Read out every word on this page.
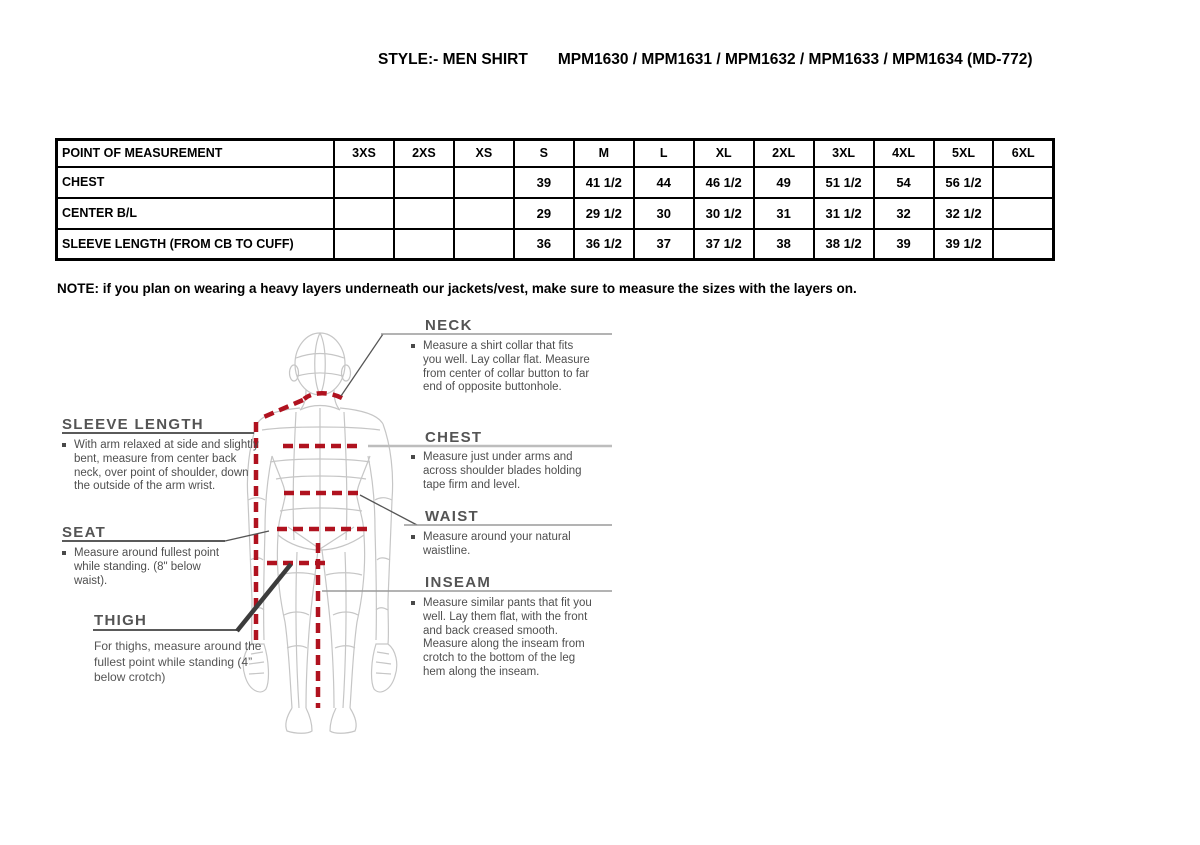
STYLE:- MEN SHIRT MPM1630 / MPM1631 / MPM1632 / MPM1633 / MPM1634 (MD-772)
POINT OF MEASUREMENT	3XS	2XS	XS	S	M	L	XL	2XL	3XL	4XL	5XL	6XL
CHEST				39	41 1/2	44	46 1/2	49	51 1/2	54	56 1/2	
CENTER B/L				29	29 1/2	30	30 1/2	31	31 1/2	32	32 1/2	
SLEEVE LENGTH (FROM CB TO CUFF)				36	36 1/2	37	37 1/2	38	38 1/2	39	39 1/2	
NOTE: if you plan on wearing a heavy layers underneath our jackets/vest, make sure to measure the sizes with the layers on.
NECK
Measure a shirt collar that fits you well. Lay collar flat. Measure from center of collar button to far end of opposite buttonhole.
CHEST
Measure just under arms and across shoulder blades holding tape firm and level.
WAIST
Measure around your natural waistline.
INSEAM
Measure similar pants that fit you well. Lay them flat, with the front and back creased smooth. Measure along the inseam from crotch to the bottom of the leg hem along the inseam.
SLEEVE LENGTH
With arm relaxed at side and slightly bent, measure from center back neck, over point of shoulder, down the outside of the arm wrist.
SEAT
Measure around fullest point while standing. (8" below waist).
THIGH
For thighs, measure around the fullest point while standing (4” below crotch)
